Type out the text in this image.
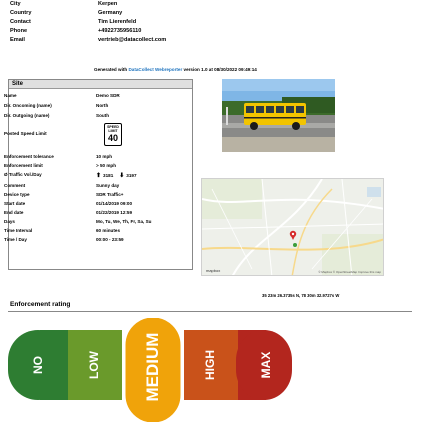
City	Kerpen
Country	Germany
Contact	Tim Lierenfeld
Phone	+4922735956110
Email	vertrieb@datacollect.com
Generated with DataCollect Webreporter version 1.0 at 08/30/2022 09:49:14
Site
Name	Demo SDR
Dir. Oncoming (name)	North
Dir. Outgoing (name)	South
Posted Speed Limit
SPEED LIMIT
40
Enforcement tolerance	10 mph
Enforcement limit	> 50 mph
Ø Traffic Vol./Day	⬆ 3181 ⬇ 3197
Comment	Sunny day
Device type	SDR Traffic+
Start date	01/14/2019 09:00
End date	01/22/2019 12:59
Days	Mo, Tu, We, Th, Fr, Sa, Su
Time Interval	60 minutes
Time / Day	00:00 - 23:59
mapbox	© Mapbox © OpenStreetMap Improve this map
35 23m 26.3735s N, 78 30m 32.9727s W
Enforcement rating
NO	LOW MEDIUM	HIGH	MAX
